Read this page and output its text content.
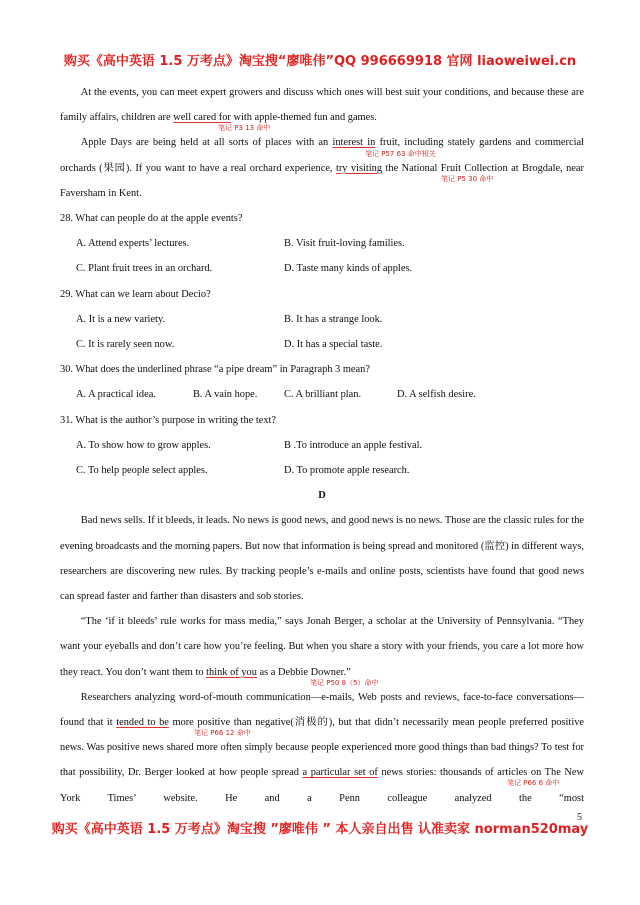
购买《高中英语 1.5 万考点》淘宝搜“廖唯伟”QQ 996669918 官网 liaoweiwei.cn

At the events, you can meet expert growers and discuss which ones will best suit your conditions, and because these are family affairs, children are well cared for with apple-themed fun and games.

Apple Days are being held at all sorts of places with an interest in fruit, including stately gardens and commercial orchards (果园). If you want to have a real orchard experience, try visiting the National Fruit Collection at Brogdale, near Faversham in Kent.

28. What can people do at the apple events?

A. Attend experts’ lectures.	B. Visit fruit-loving families.
C. Plant fruit trees in an orchard.	D. Taste many kinds of apples.

29. What can we learn about Decio?

A. It is a new variety.	B. It has a strange look.
C. It is rarely seen now.	D. It has a special taste.

30. What does the underlined phrase “a pipe dream” in Paragraph 3 mean?

A. A practical idea.	B. A vain hope.	C. A brilliant plan.	D. A selfish desire.

31. What is the author’s purpose in writing the text?

A. To show how to grow apples.	B .To introduce an apple festival.
C. To help people select apples.	D. To promote apple research.

D

Bad news sells. If it bleeds, it leads. No news is good news, and good news is no news. Those are the classic rules for the evening broadcasts and the morning papers. But now that information is being spread and monitored (监控) in different ways, researchers are discovering new rules. By tracking people’s e-mails and online posts, scientists have found that good news can spread faster and farther than disasters and sob stories.

“The ‘if it bleeds’ rule works for mass media,” says Jonah Berger, a scholar at the University of Pennsylvania. “They want your eyeballs and don’t care how you’re feeling. But when you share a story with your friends, you care a lot more how they react. You don’t want them to think of you as a Debbie Downer.”

Researchers analyzing word-of-mouth communication—e-mails, Web posts and reviews, face-to-face conversations—found that it tended to be more positive than negative(消极的), but that didn’t necessarily mean people preferred positive news. Was positive news shared more often simply because people experienced more good things than bad things? To test for that possibility, Dr. Berger looked at how people spread a particular set of news stories: thousands of articles on The New York Times’ website. He and a Penn colleague analyzed the “most

笔记 P3 13 命中
笔记 P57 63 命中相关
笔记 P5 30 命中
笔记 P50 8（5）命中
笔记 P66 12 命中
笔记 P66 6 命中
5
购买《高中英语 1.5 万考点》淘宝搜 ”廖唯伟 ” 本人亲自出售 认准卖家 norman520may
